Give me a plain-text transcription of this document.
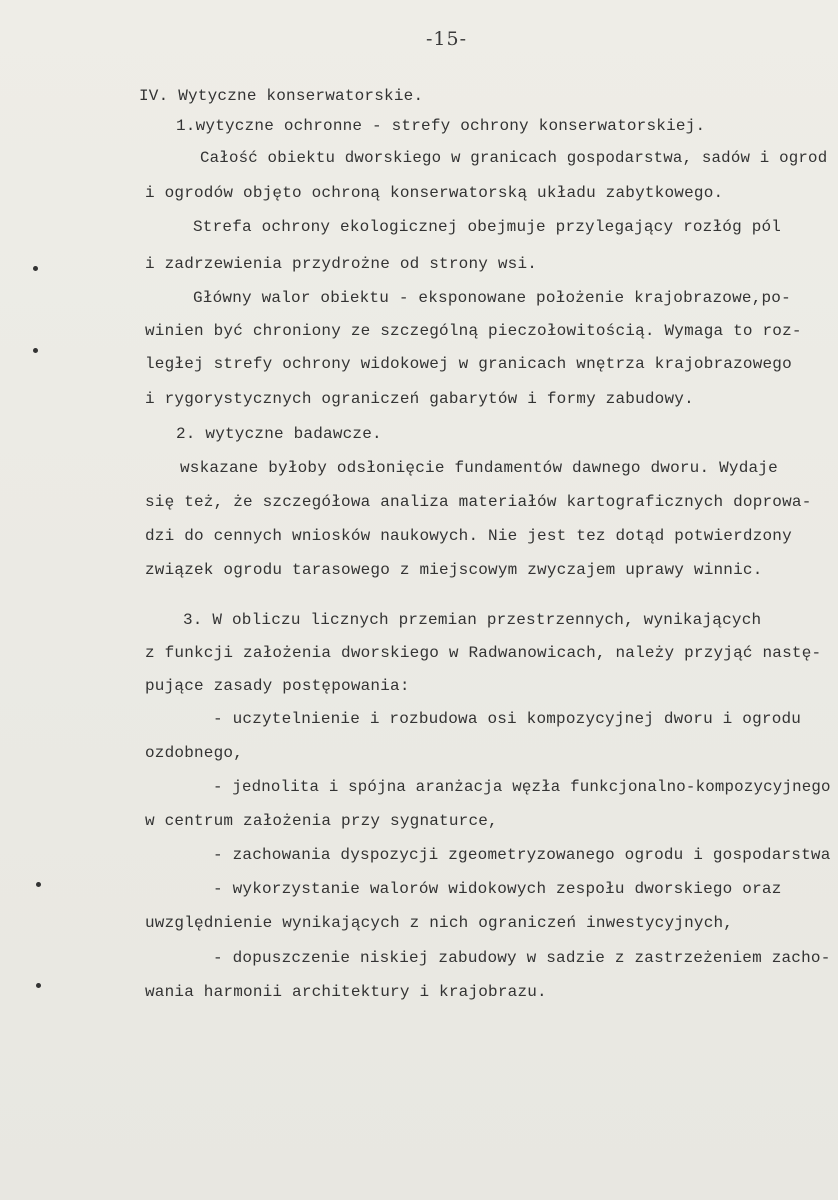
-15-
IV. Wytyczne konserwatorskie.
1.wytyczne ochronne - strefy ochrony konserwatorskiej.
Całość obiektu dworskiego w granicach gospodarstwa, sadów i ogrod
i ogrodów objęto ochroną konserwatorską układu zabytkowego.
Strefa ochrony ekologicznej obejmuje przylegający rozłóg pól
i zadrzewienia przydrożne od strony wsi.
Główny walor obiektu - eksponowane położenie krajobrazowe,po-
winien być chroniony ze szczególną pieczołowitością. Wymaga to roz-
ległej strefy ochrony widokowej w granicach wnętrza krajobrazowego
i rygorystycznych ograniczeń gabarytów i formy zabudowy.
2. wytyczne badawcze.
wskazane byłoby odsłonięcie fundamentów dawnego dworu. Wydaje
się też, że szczegółowa analiza materiałów kartograficznych doprowa-
dzi do cennych wniosków naukowych. Nie jest tez dotąd potwierdzony
związek ogrodu tarasowego z miejscowym zwyczajem uprawy winnic.
3. W obliczu licznych przemian przestrzennych, wynikających
z funkcji założenia dworskiego w Radwanowicach, należy przyjąć nastę-
pujące zasady postępowania:
- uczytelnienie i rozbudowa osi kompozycyjnej dworu i ogrodu
ozdobnego,
- jednolita i spójna aranżacja węzła funkcjonalno-kompozycyjnego
w centrum założenia przy sygnaturce,
- zachowania dyspozycji zgeometryzowanego ogrodu i gospodarstwa
- wykorzystanie walorów widokowych zespołu dworskiego oraz
uwzględnienie wynikających z nich ograniczeń inwestycyjnych,
- dopuszczenie niskiej zabudowy w sadzie z zastrzeżeniem zacho-
wania harmonii architektury i krajobrazu.
